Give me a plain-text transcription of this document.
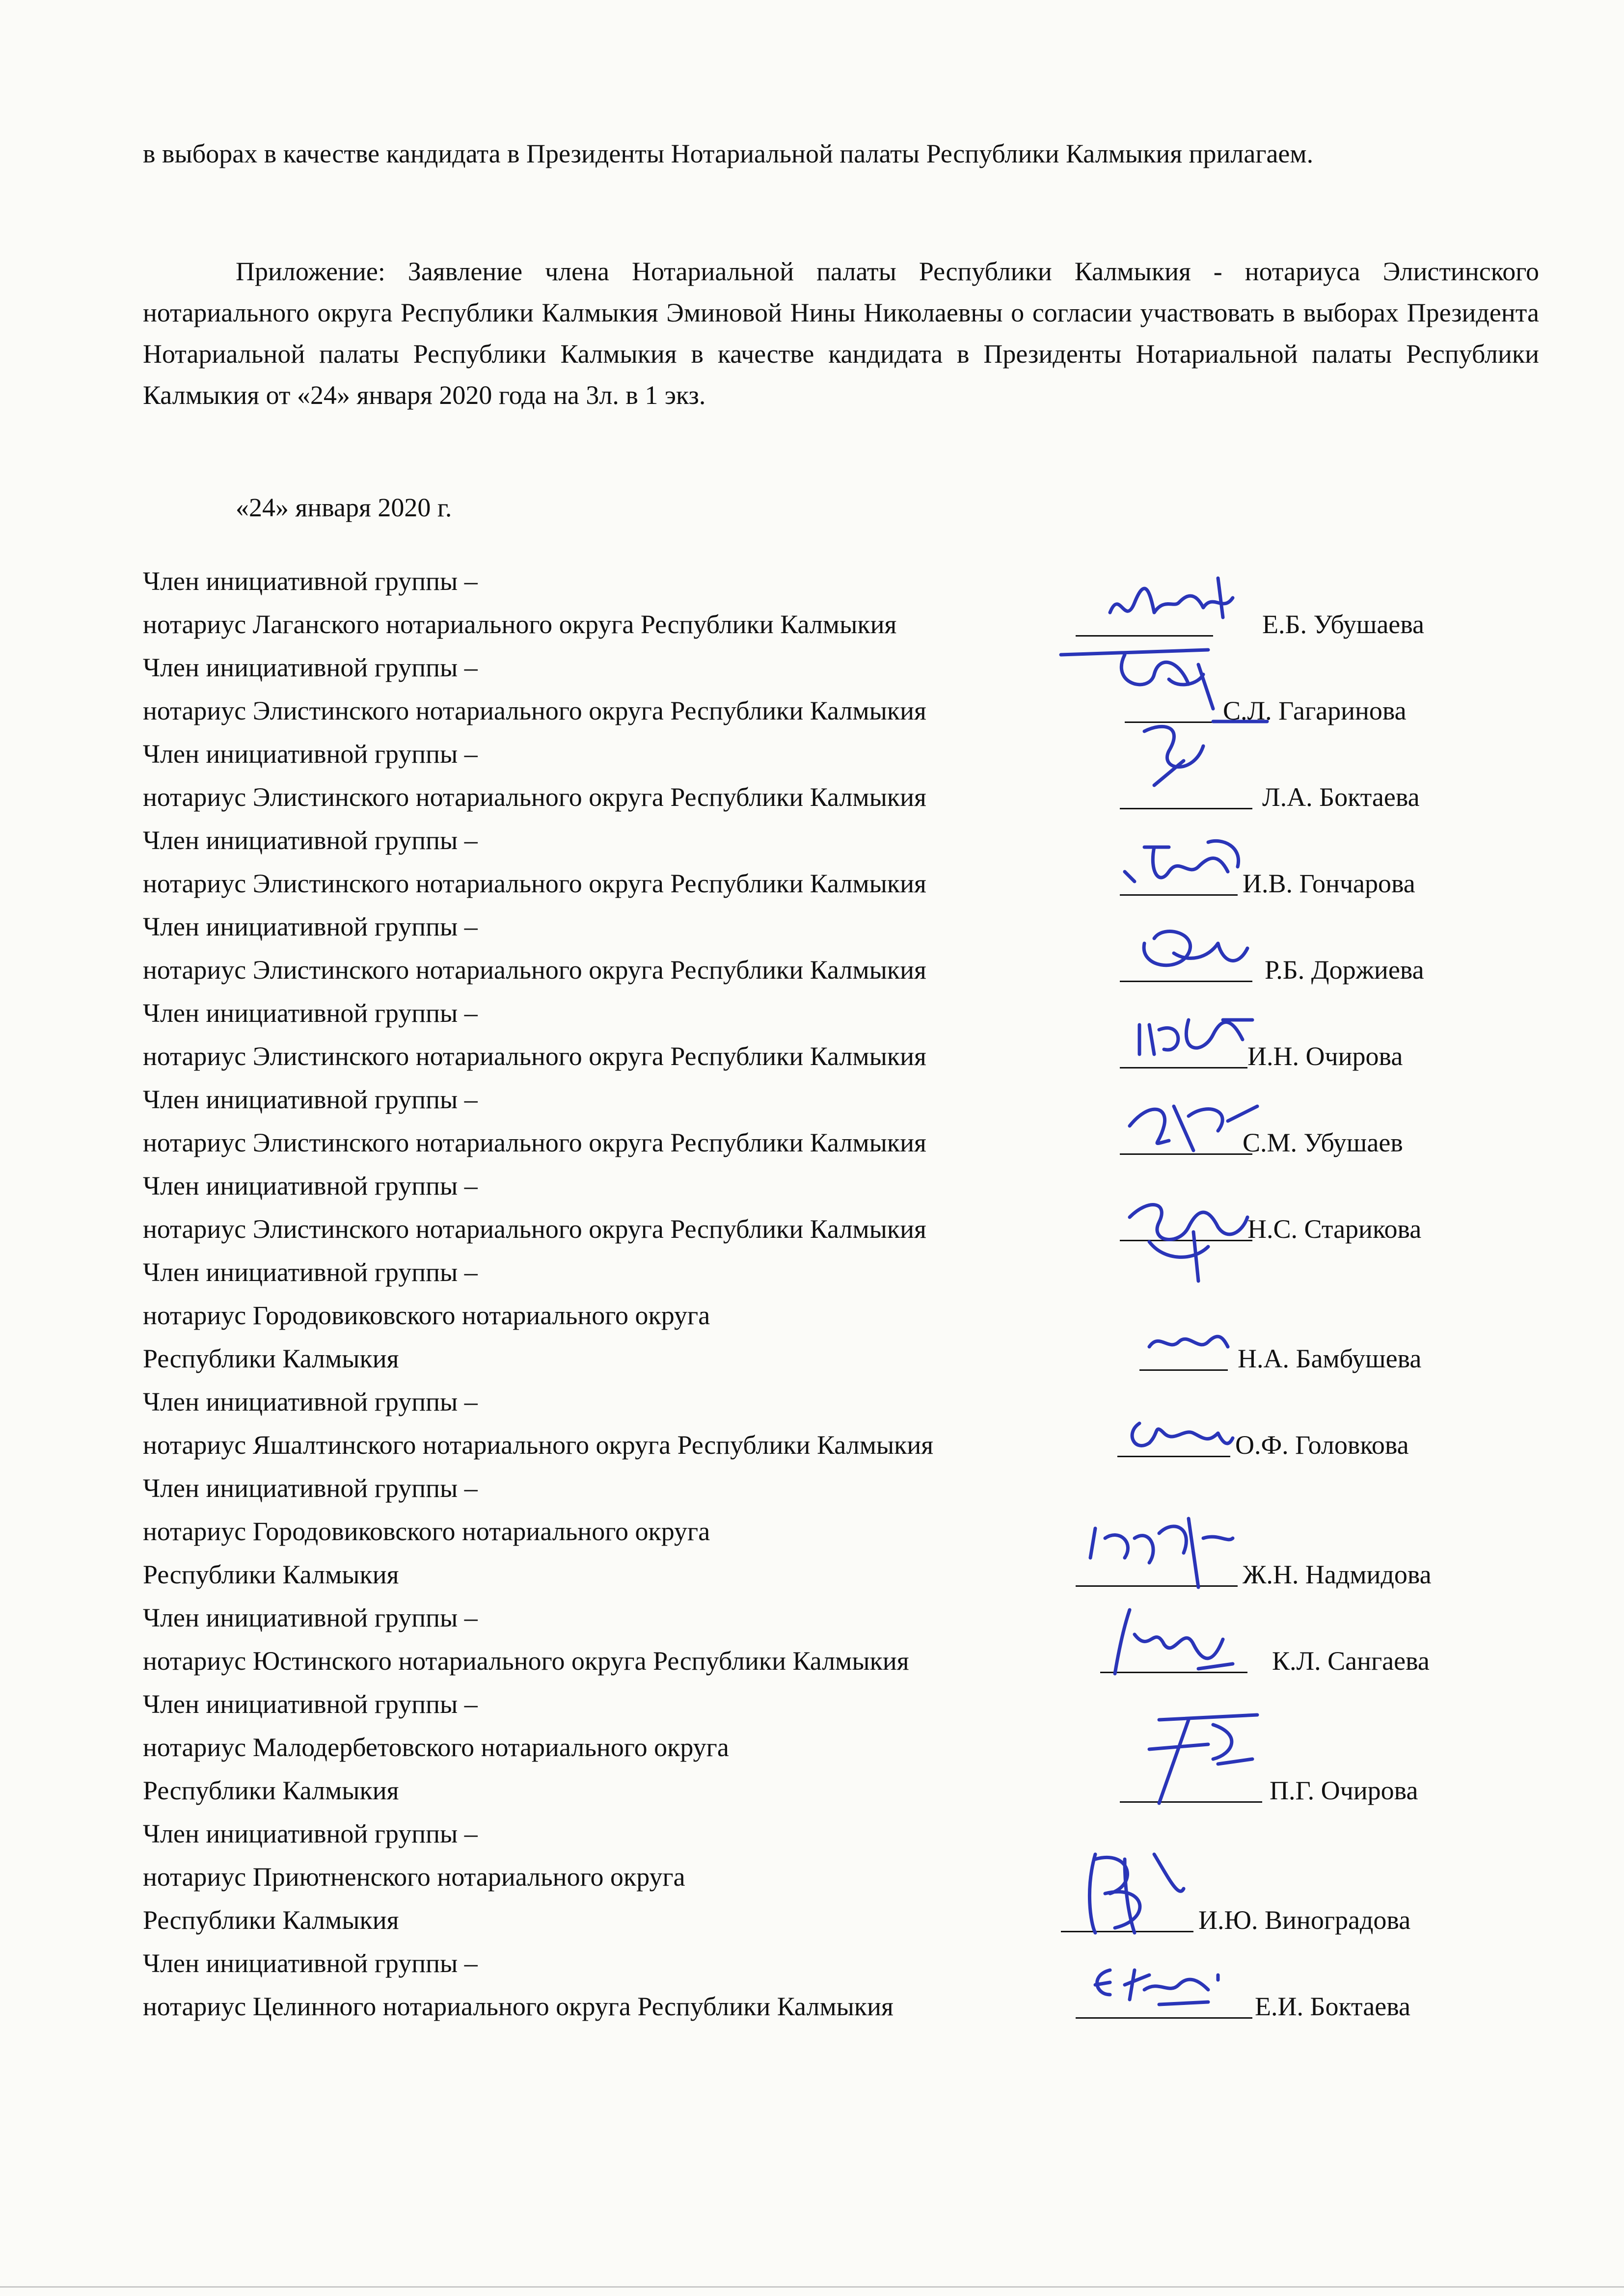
в выборах в качестве кандидата в Президенты Нотариальной палаты Республики Калмыкия прилагаем.

Приложение: Заявление члена Нотариальной палаты Республики Калмыкия - нотариуса Элистинского нотариального округа Республики Калмыкия Эминовой Нины Николаевны о согласии участвовать в выборах Президента Нотариальной палаты Республики Калмыкия в качестве кандидата в Президенты Нотариальной палаты Республики Калмыкия от «24» января 2020 года на 3л. в 1 экз.

«24» января 2020 г.

Член инициативной группы –
нотариус Лаганского нотариального округа Республики Калмыкия	Е.Б. Убушаева
Член инициативной группы –
нотариус Элистинского нотариального округа Республики Калмыкия	С.Л. Гагаринова
Член инициативной группы –
нотариус Элистинского нотариального округа Республики Калмыкия	Л.А. Боктаева
Член инициативной группы –
нотариус Элистинского нотариального округа Республики Калмыкия	И.В. Гончарова
Член инициативной группы –
нотариус Элистинского нотариального округа Республики Калмыкия	Р.Б. Доржиева
Член инициативной группы –
нотариус Элистинского нотариального округа Республики Калмыкия	И.Н. Очирова
Член инициативной группы –
нотариус Элистинского нотариального округа Республики Калмыкия	С.М. Убушаев
Член инициативной группы –
нотариус Элистинского нотариального округа Республики Калмыкия	Н.С. Старикова
Член инициативной группы –
нотариус Городовиковского нотариального округа
Республики Калмыкия	Н.А. Бамбушева
Член инициативной группы –
нотариус Яшалтинского нотариального округа Республики Калмыкия	О.Ф. Головкова
Член инициативной группы –
нотариус Городовиковского нотариального округа
Республики Калмыкия	Ж.Н. Надмидова
Член инициативной группы –
нотариус Юстинского нотариального округа Республики Калмыкия	К.Л. Сангаева
Член инициативной группы –
нотариус Малодербетовского нотариального округа
Республики Калмыкия	П.Г. Очирова
Член инициативной группы –
нотариус Приютненского нотариального округа
Республики Калмыкия	И.Ю. Виноградова
Член инициативной группы –
нотариус Целинного нотариального округа Республики Калмыкия	Е.И. Боктаева
